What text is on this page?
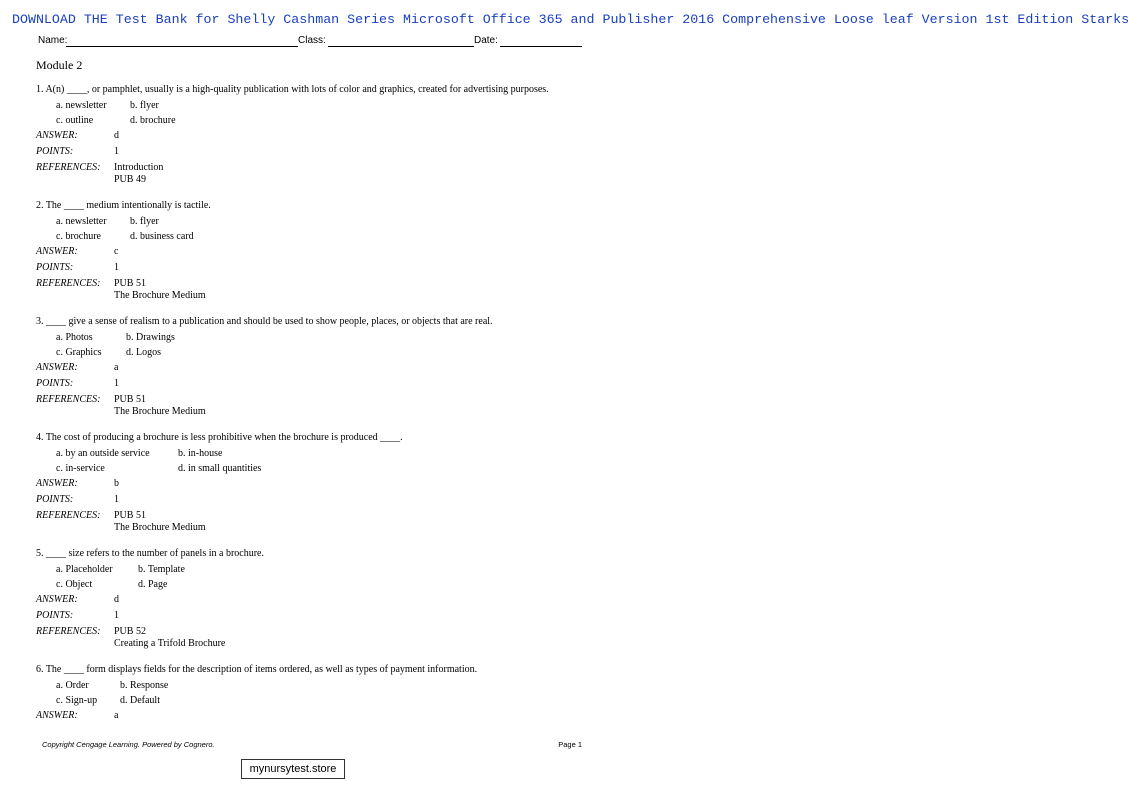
DOWNLOAD THE Test Bank for Shelly Cashman Series Microsoft Office 365 and Publisher 2016 Comprehensive Loose leaf Version 1st Edition Starks
Name:	Class:	Date:
Module 2
1. A(n) ____, or pamphlet, usually is a high-quality publication with lots of color and graphics, created for advertising purposes.
a. newsletter	b. flyer
c. outline	d. brochure
ANSWER:	d
POINTS:	1
REFERENCES:	Introduction
PUB 49
2. The ____ medium intentionally is tactile.
a. newsletter	b. flyer
c. brochure	d. business card
ANSWER:	c
POINTS:	1
REFERENCES:	PUB 51
The Brochure Medium
3. ____ give a sense of realism to a publication and should be used to show people, places, or objects that are real.
a. Photos	b. Drawings
c. Graphics	d. Logos
ANSWER:	a
POINTS:	1
REFERENCES:	PUB 51
The Brochure Medium
4. The cost of producing a brochure is less prohibitive when the brochure is produced ____.
a. by an outside service	b. in-house
c. in-service	d. in small quantities
ANSWER:	b
POINTS:	1
REFERENCES:	PUB 51
The Brochure Medium
5. ____ size refers to the number of panels in a brochure.
a. Placeholder	b. Template
c. Object	d. Page
ANSWER:	d
POINTS:	1
REFERENCES:	PUB 52
Creating a Trifold Brochure
6. The ____ form displays fields for the description of items ordered, as well as types of payment information.
a. Order	b. Response
c. Sign-up	d. Default
ANSWER:	a
Copyright Cengage Learning. Powered by Cognero.	Page 1
mynursytest.store
